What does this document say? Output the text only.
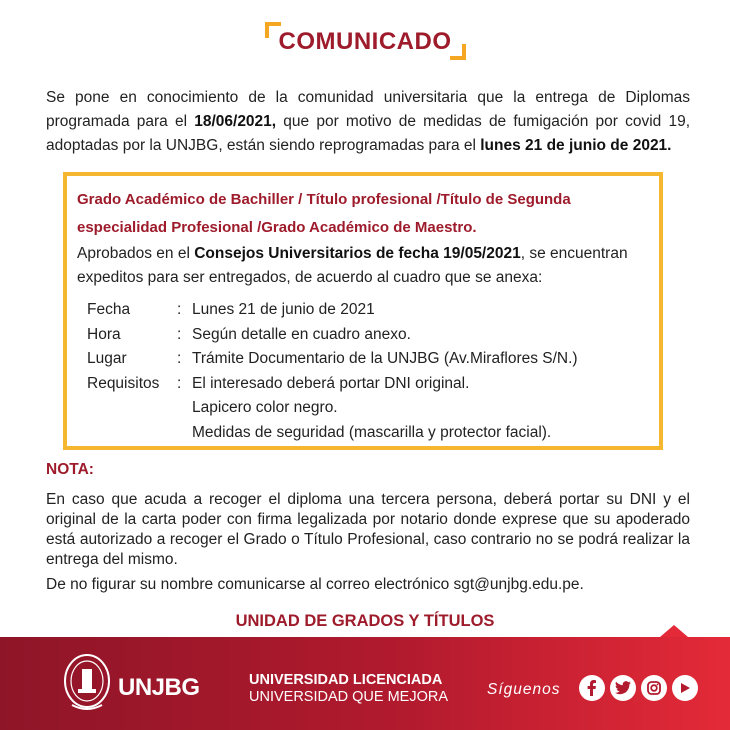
COMUNICADO
Se pone en conocimiento de la comunidad universitaria que la entrega de Diplomas programada para el 18/06/2021, que por motivo de medidas de fumigación por covid 19, adoptadas por la UNJBG, están siendo reprogramadas para el lunes 21 de junio de 2021.
Grado Académico de Bachiller / Título profesional /Título de Segunda especialidad Profesional /Grado Académico de Maestro.
Aprobados en el Consejos Universitarios de fecha 19/05/2021, se encuentran expeditos para ser entregados, de acuerdo al cuadro que se anexa:
Fecha	: Lunes 21 de junio de 2021
Hora	: Según detalle en cuadro anexo.
Lugar	: Trámite Documentario de la UNJBG (Av.Miraflores S/N.)
Requisitos	: El interesado deberá portar DNI original.
Lapicero color negro.
Medidas de seguridad (mascarilla y protector facial).
NOTA:
En caso que acuda a recoger el diploma una tercera persona, deberá portar su DNI y el original de la carta poder con firma legalizada por notario donde exprese que su apoderado está autorizado a recoger el Grado o Título Profesional, caso contrario no se podrá realizar la entrega del mismo.
De no figurar su nombre comunicarse al correo electrónico sgt@unjbg.edu.pe.
UNIDAD DE GRADOS Y TÍTULOS
UNJBG	UNIVERSIDAD LICENCIADA
UNIVERSIDAD QUE MEJORA	Síguenos
